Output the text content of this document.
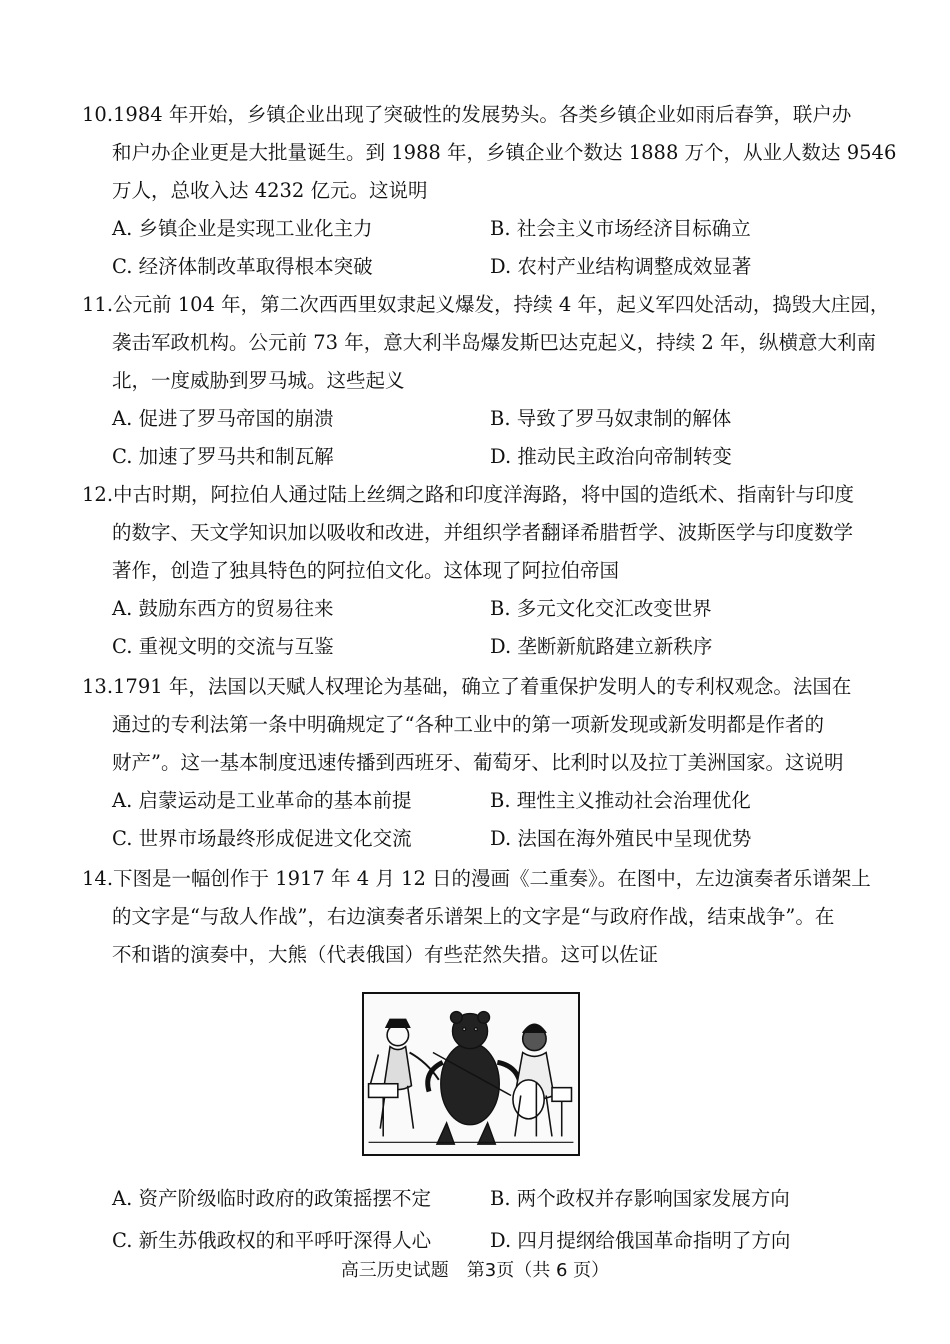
10.1984 年开始，乡镇企业出现了突破性的发展势头。各类乡镇企业如雨后春笋，联户办
和户办企业更是大批量诞生。到 1988 年，乡镇企业个数达 1888 万个，从业人数达 9546
万人，总收入达 4232 亿元。这说明
A. 乡镇企业是实现工业化主力	B. 社会主义市场经济目标确立
C. 经济体制改革取得根本突破	D. 农村产业结构调整成效显著
11.公元前 104 年，第二次西西里奴隶起义爆发，持续 4 年，起义军四处活动，捣毁大庄园，
袭击军政机构。公元前 73 年，意大利半岛爆发斯巴达克起义，持续 2 年，纵横意大利南
北，一度威胁到罗马城。这些起义
A. 促进了罗马帝国的崩溃	B. 导致了罗马奴隶制的解体
C. 加速了罗马共和制瓦解	D. 推动民主政治向帝制转变
12.中古时期，阿拉伯人通过陆上丝绸之路和印度洋海路，将中国的造纸术、指南针与印度
的数字、天文学知识加以吸收和改进，并组织学者翻译希腊哲学、波斯医学与印度数学
著作，创造了独具特色的阿拉伯文化。这体现了阿拉伯帝国
A. 鼓励东西方的贸易往来	B. 多元文化交汇改变世界
C. 重视文明的交流与互鉴	D. 垄断新航路建立新秩序
13.1791 年，法国以天赋人权理论为基础，确立了着重保护发明人的专利权观念。法国在
通过的专利法第一条中明确规定了“各种工业中的第一项新发现或新发明都是作者的
财产”。这一基本制度迅速传播到西班牙、葡萄牙、比利时以及拉丁美洲国家。这说明
A. 启蒙运动是工业革命的基本前提	B. 理性主义推动社会治理优化
C. 世界市场最终形成促进文化交流	D. 法国在海外殖民中呈现优势
14.下图是一幅创作于 1917 年 4 月 12 日的漫画《二重奏》。在图中，左边演奏者乐谱架上
的文字是“与敌人作战”，右边演奏者乐谱架上的文字是“与政府作战，结束战争”。在
不和谐的演奏中，大熊（代表俄国）有些茫然失措。这可以佐证
A. 资产阶级临时政府的政策摇摆不定	B. 两个政权并存影响国家发展方向
C. 新生苏俄政权的和平呼吁深得人心	D. 四月提纲给俄国革命指明了方向
高三历史试题　第3页（共 6 页）
